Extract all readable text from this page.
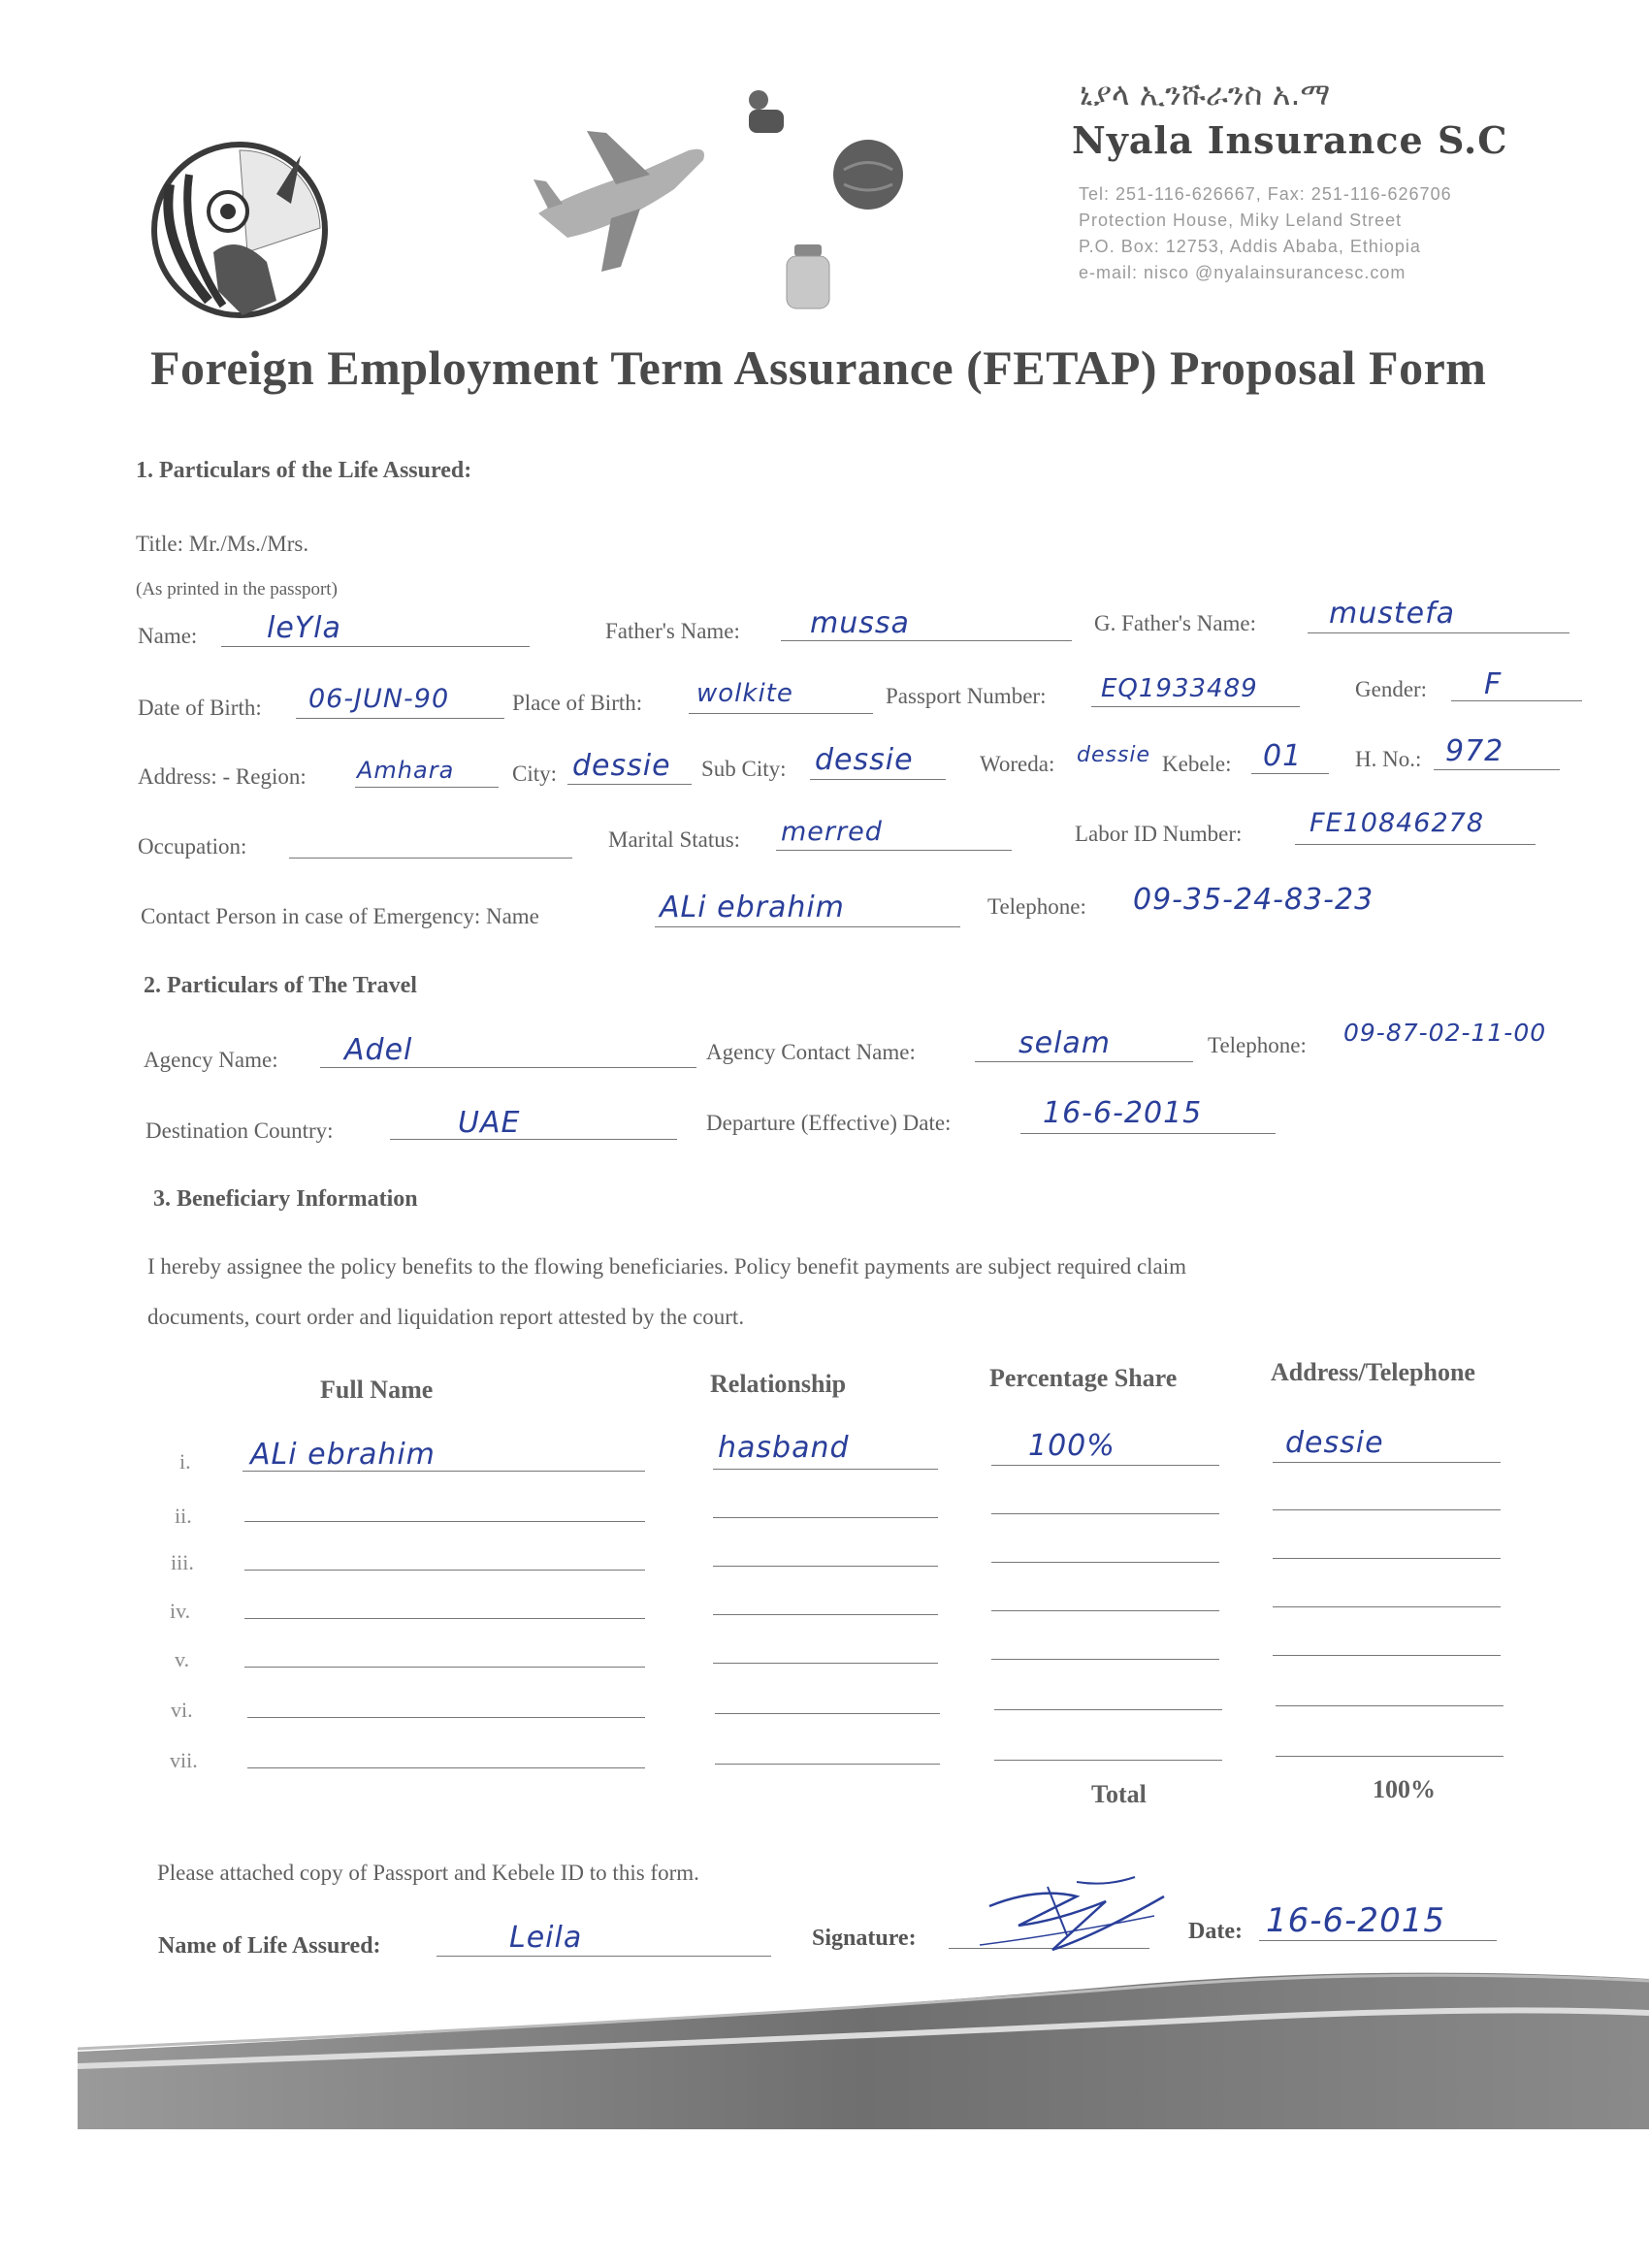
ኒያላ ኢንሹራንስ አ.ማ
Nyala Insurance S.C
Tel: 251-116-626667, Fax: 251-116-626706
Protection House, Miky Leland Street
P.O. Box: 12753, Addis Ababa, Ethiopia
e-mail: nisco @nyalainsurancesc.com
Foreign Employment Term Assurance (FETAP) Proposal Form
1. Particulars of the Life Assured:
Title: Mr./Ms./Mrs.
(As printed in the passport)
Name: leYla	Father's Name: mussa	G. Father's Name: mustefa
Date of Birth: 06-JUN-90	Place of Birth: wolkite	Passport Number: EQ1933489	Gender: F
Address: - Region: Amhara	City: dessie Sub City: dessie	Woreda: dessie Kebele: 01 H. No.: 972
Occupation:	Marital Status: merred	Labor ID Number:	FE10846278
Contact Person in case of Emergency: Name	ALi ebrahim	Telephone: 09-35-24-83-23
2. Particulars of The Travel
Agency Name: Adel	Agency Contact Name:	selam	Telephone: 09-87-02-11-00
Destination Country:	UAE	Departure (Effective) Date:	16-6-2015
3. Beneficiary Information
I hereby assignee the policy benefits to the flowing beneficiaries. Policy benefit payments are subject required claim
documents, court order and liquidation report attested by the court.
Full Name	Relationship	Percentage Share	Address/Telephone
i. ALi ebrahim	hasband	100%	dessie
ii.
iii.
iv.
v.
vi.
vii.
Total	100%
Please attached copy of Passport and Kebele ID to this form.
Name of Life Assured:	Leila	Signature:	Date: 16-6-2015
